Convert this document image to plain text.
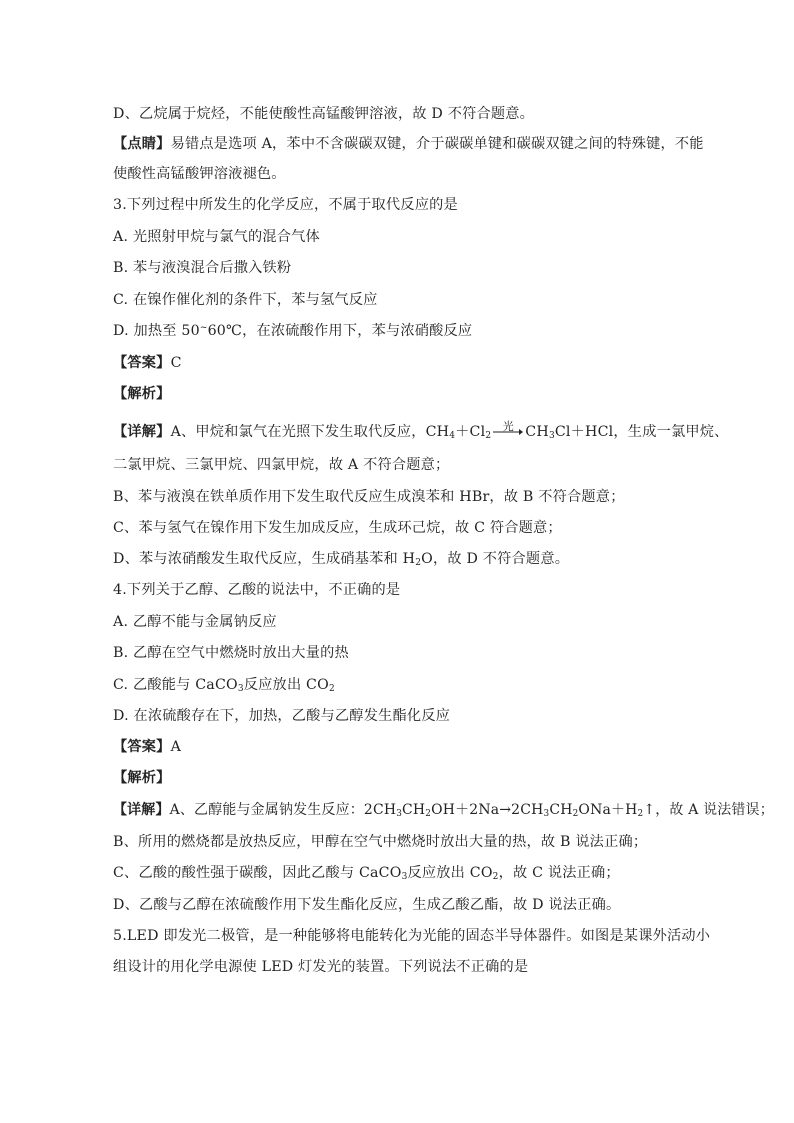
D、乙烷属于烷烃，不能使酸性高锰酸钾溶液，故 D 不符合题意。
【点睛】易错点是选项 A，苯中不含碳碳双键，介于碳碳单键和碳碳双键之间的特殊键，不能
使酸性高锰酸钾溶液褪色。
3.下列过程中所发生的化学反应，不属于取代反应的是
A. 光照射甲烷与氯气的混合气体
B. 苯与液溴混合后撒入铁粉
C. 在镍作催化剂的条件下，苯与氢气反应
D. 加热至 50~60℃，在浓硫酸作用下，苯与浓硝酸反应
【答案】C
【解析】
【详解】A、甲烷和氯气在光照下发生取代反应，$CH_4+Cl_2$
光 $CH_3Cl+HCl$，生成一氯甲烷、
二氯甲烷、三氯甲烷、四氯甲烷，故 A 不符合题意；
B、苯与液溴在铁单质作用下发生取代反应生成溴苯和 HBr，故 B 不符合题意；
C、苯与氢气在镍作用下发生加成反应，生成环己烷，故 C 符合题意；
D、苯与浓硝酸发生取代反应，生成硝基苯和 $H_2O$，故 D 不符合题意。
4.下列关于乙醇、乙酸的说法中，不正确的是
A. 乙醇不能与金属钠反应
B. 乙醇在空气中燃烧时放出大量的热
C. 乙酸能与 CaCO$_3$反应放出 $CO_2$
D. 在浓硫酸存在下，加热，乙酸与乙醇发生酯化反应
【答案】A
【解析】
【详解】A、乙醇能与金属钠发生反应：$2CH_3CH_2OH+2Na\to 2CH_3CH_2ONa+H_2↑$，故 A 说法错误；
B、所用的燃烧都是放热反应，甲醇在空气中燃烧时放出大量的热，故 B 说法正确；
C、乙酸的酸性强于碳酸，因此乙酸与 CaCO$_3$反应放出 $CO_2$，故 C 说法正确；
D、乙酸与乙醇在浓硫酸作用下发生酯化反应，生成乙酸乙酯，故 D 说法正确。
5.LED 即发光二极管，是一种能够将电能转化为光能的固态半导体器件。如图是某课外活动小
组设计的用化学电源使 LED 灯发光的装置。下列说法不正确的是
